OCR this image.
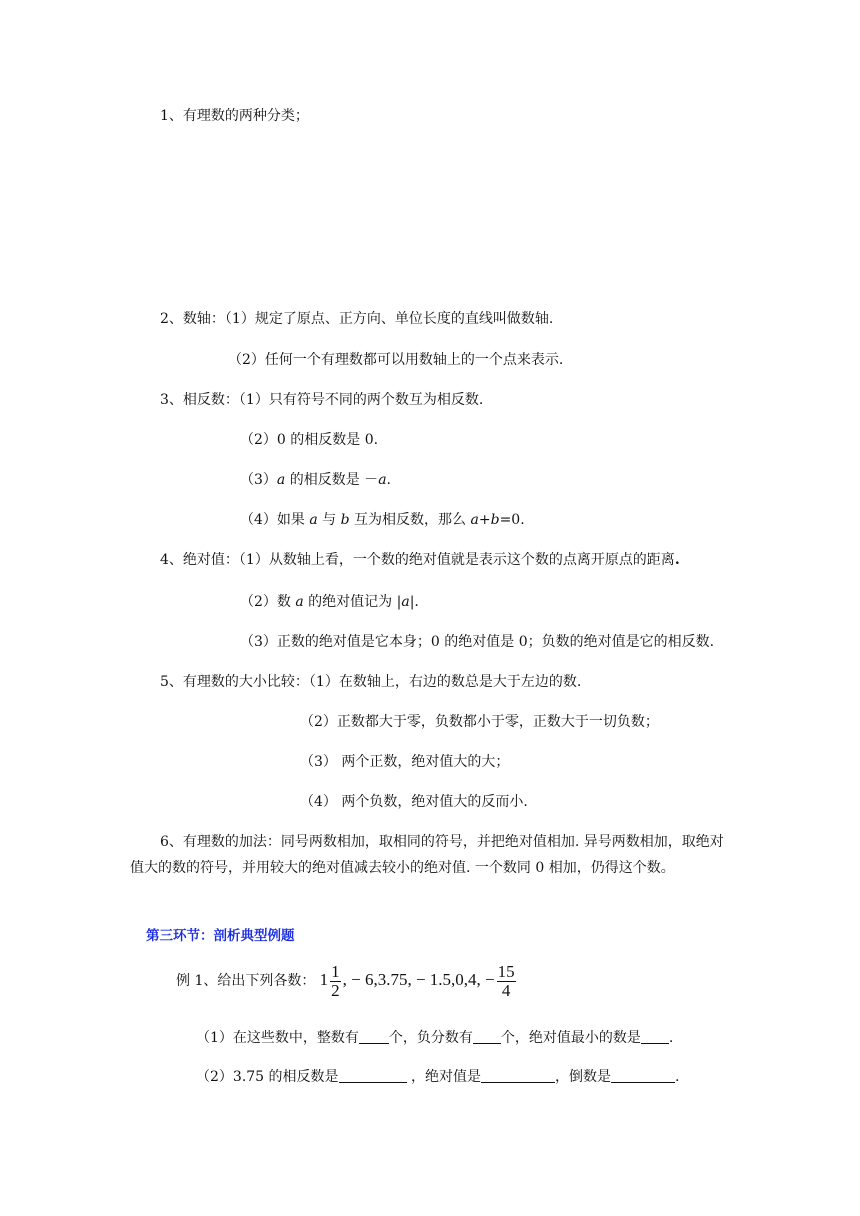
1、有理数的两种分类；
2、数轴：（1）规定了原点、正方向、单位长度的直线叫做数轴.
（2）任何一个有理数都可以用数轴上的一个点来表示.
3、相反数：（1）只有符号不同的两个数互为相反数.
（2）0 的相反数是 0.
（3）a 的相反数是 －a.
（4）如果 a 与 b 互为相反数，那么 a+b=0.
4、绝对值：（1）从数轴上看，一个数的绝对值就是表示这个数的点离开原点的距离.
（2）数 a 的绝对值记为 |a|.
（3）正数的绝对值是它本身；0 的绝对值是 0；负数的绝对值是它的相反数.
5、有理数的大小比较：（1）在数轴上，右边的数总是大于左边的数.
（2）正数都大于零，负数都小于零，正数大于一切负数；
（3） 两个正数，绝对值大的大；
（4） 两个负数，绝对值大的反而小.
6、有理数的加法：同号两数相加，取相同的符号，并把绝对值相加. 异号两数相加，取绝对值大的数的符号，并用较大的绝对值减去较小的绝对值. 一个数同 0 相加，仍得这个数。
第三环节：剖析典型例题
例 1、给出下列各数： $1 \frac{1}{2}$ , − 6,3.75, − 1.5,0,4, − $\frac{15}{4}$
（1）在这些数中，整数有 个，负分数有 个，绝对值最小的数是 .
（2）3.75 的相反数是	，绝对值是	，倒数是	.
